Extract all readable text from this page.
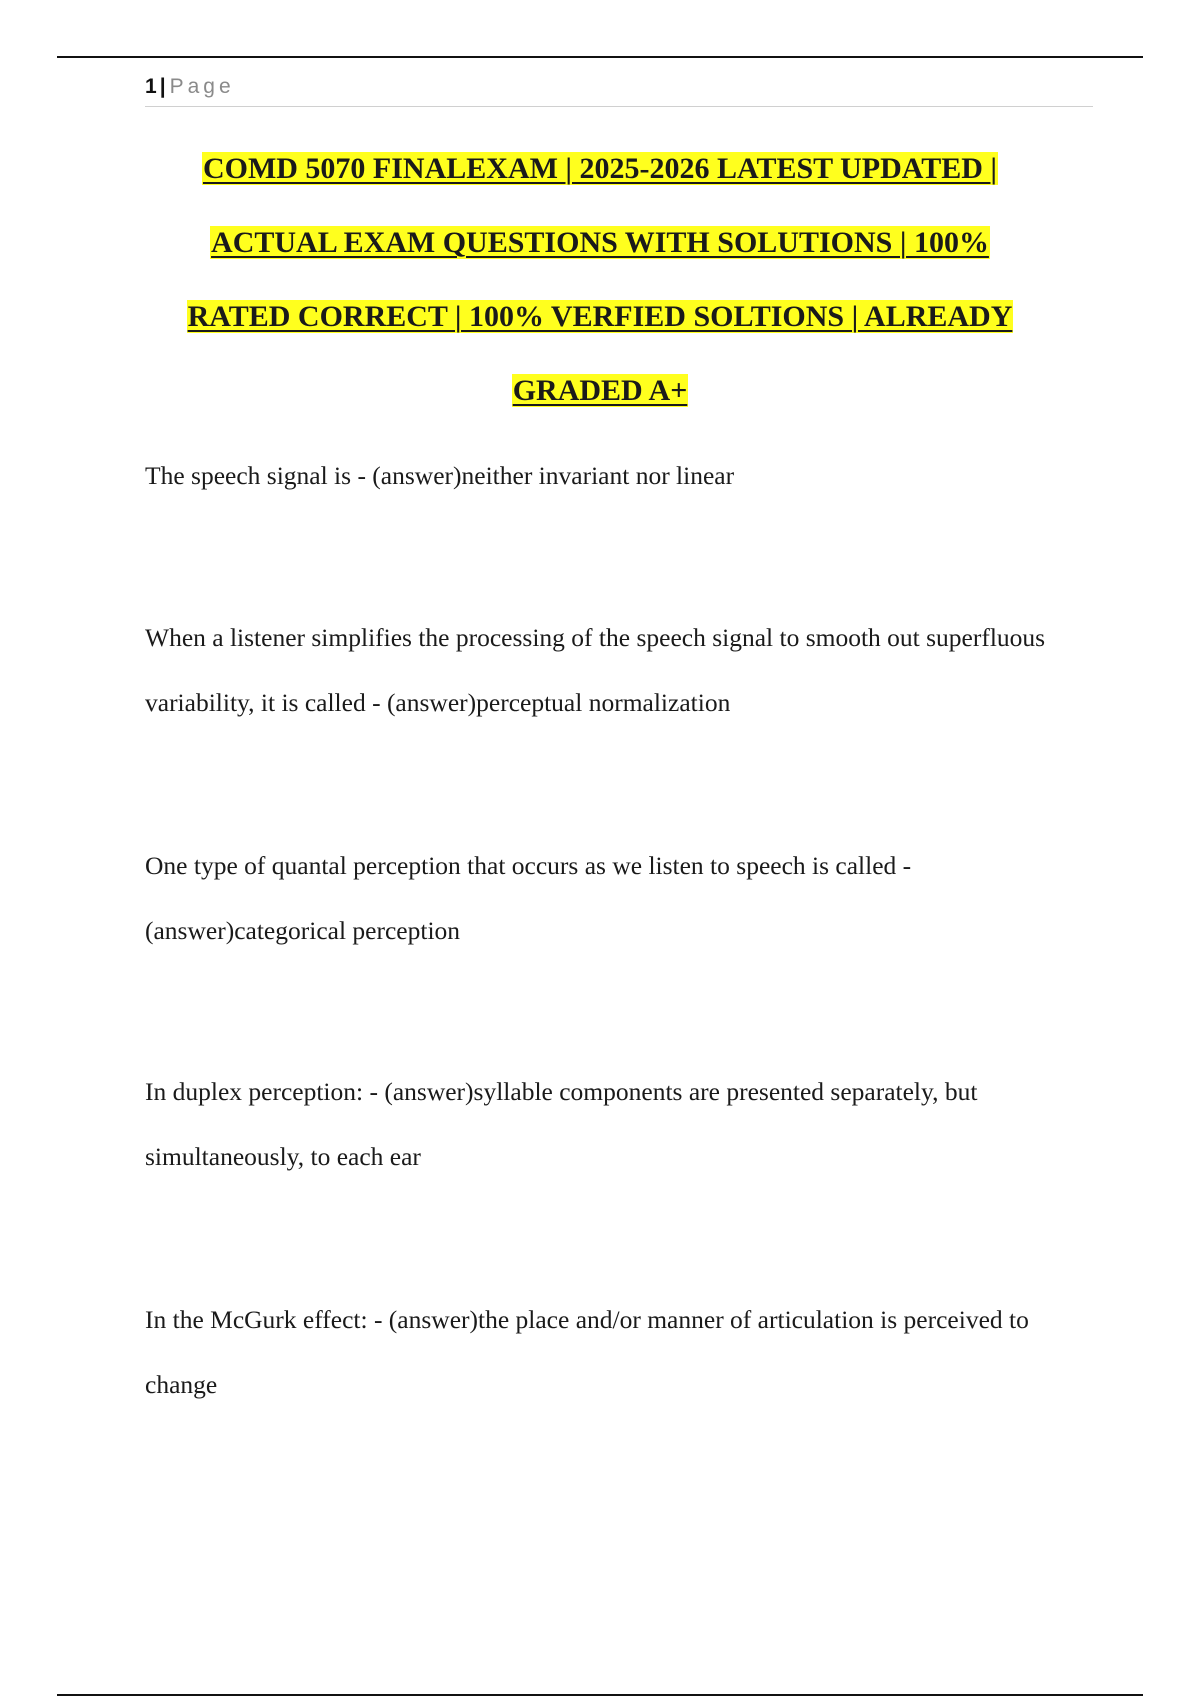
1 | Page
COMD 5070 FINALEXAM | 2025-2026 LATEST UPDATED |
ACTUAL EXAM QUESTIONS WITH SOLUTIONS | 100%
RATED CORRECT | 100% VERFIED SOLTIONS | ALREADY
GRADED A+

The speech signal is - (answer)neither invariant nor linear

When a listener simplifies the processing of the speech signal to smooth out superfluous variability, it is called - (answer)perceptual normalization

One type of quantal perception that occurs as we listen to speech is called - (answer)categorical perception

In duplex perception: - (answer)syllable components are presented separately, but simultaneously, to each ear

In the McGurk effect: - (answer)the place and/or manner of articulation is perceived to change
